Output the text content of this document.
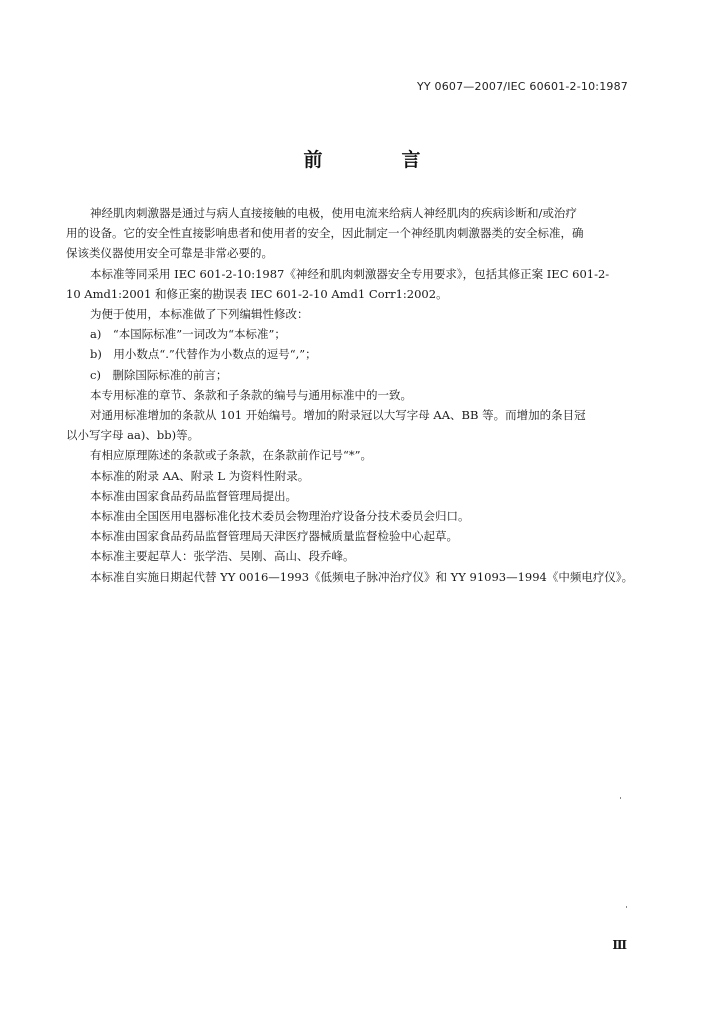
YY 0607—2007/IEC 60601-2-10:1987
前　言

神经肌肉刺激器是通过与病人直接接触的电极，使用电流来给病人神经肌肉的疾病诊断和/或治疗

用的设备。它的安全性直接影响患者和使用者的安全，因此制定一个神经肌肉刺激器类的安全标准，确

保该类仪器使用安全可靠是非常必要的。

本标准等同采用 IEC 601-2-10:1987《神经和肌肉刺激器安全专用要求》，包括其修正案 IEC 601-2-

10 Amd1:2001 和修正案的勘误表 IEC 601-2-10 Amd1 Corr1:2002。

为便于使用，本标准做了下列编辑性修改：

a)　“本国际标准”一词改为“本标准”；

b)　用小数点“.”代替作为小数点的逗号“,”；

c)　删除国际标准的前言；

本专用标准的章节、条款和子条款的编号与通用标准中的一致。

对通用标准增加的条款从 101 开始编号。增加的附录冠以大写字母 AA、BB 等。而增加的条目冠

以小写字母 aa)、bb)等。

有相应原理陈述的条款或子条款，在条款前作记号“*”。

本标准的附录 AA、附录 L 为资料性附录。

本标准由国家食品药品监督管理局提出。

本标准由全国医用电器标准化技术委员会物理治疗设备分技术委员会归口。

本标准由国家食品药品监督管理局天津医疗器械质量监督检验中心起草。

本标准主要起草人：张学浩、吴刚、高山、段乔峰。

本标准自实施日期起代替 YY 0016—1993《低频电子脉冲治疗仪》和 YY 91093—1994《中频电疗仪》。

Ⅲ
